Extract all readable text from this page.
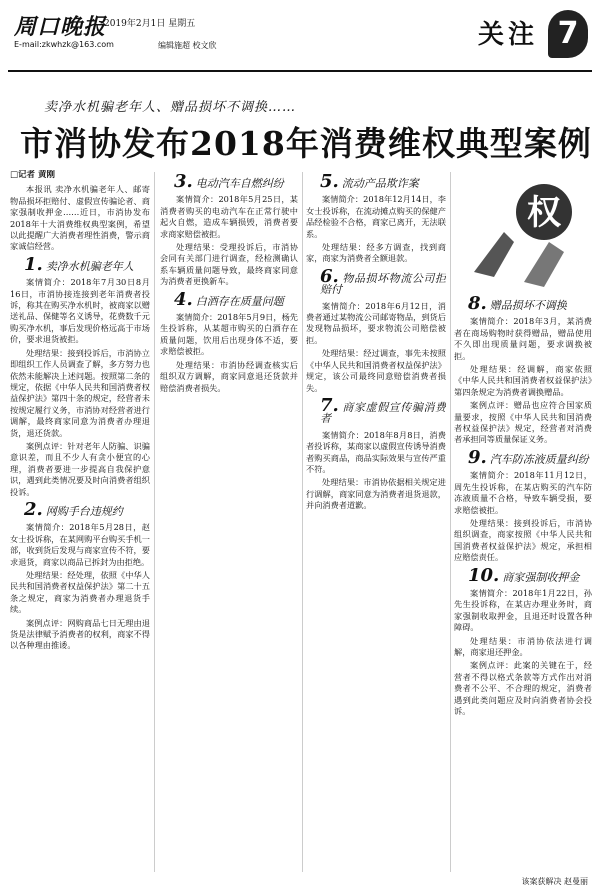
周口晚报
2019年2月1日 星期五
E-mail:zkwhzk@163.com	编辑施超 校文欣	关注 7
卖净水机骗老年人、赠品损坏不调换……
市消协发布2018年消费维权典型案例

□记者 黄刚

本报讯 卖净水机骗老年人、邮寄物品损坏拒赔付、虚假宣传骗论者、商家强制收押金……近日，市消协发布2018年十大消费维权典型案例，希望以此提醒广大消费者理性消费，警示商家诚信经营。

1. 卖净水机骗老年人

案情简介：2018年7月30日8月16日，市消协接连接到老年消费者投诉，称其在购买净水机时，被商家以赠送礼品、保健等名义诱导，花费数千元购买净水机，事后发现价格远高于市场价，要求退货被拒。

处理结果：接到投诉后，市消协立即组织工作人员调查了解，多方努力也依然未能解决上述问题。按照第二条的规定，依据《中华人民共和国消费者权益保护法》第四十条的规定，经营者未按规定履行义务，市消协对经营者进行调解，最终商家同意为消费者办理退货，退还货款。

案例点评：针对老年人防骗、识骗意识差，而且不少人有贪小便宜的心理，消费者要进一步提高自我保护意识，遇到此类情况要及时向消费者组织投诉。

2. 网购手台违规约

案情简介：2018年5月28日，赵女士投诉称，在某网购平台购买手机一部，收到货后发现与商家宣传不符，要求退货，商家以商品已拆封为由拒绝。

处理结果：经处理，依照《中华人民共和国消费者权益保护法》第二十五条之规定，商家为消费者办理退货手续。

案例点评：网购商品七日无理由退货是法律赋予消费者的权利，商家不得以各种理由推诿。

3. 电动汽车自燃纠纷

案情简介：2018年5月25日，某消费者购买的电动汽车在正常行驶中起火自燃，造成车辆损毁，消费者要求商家赔偿被拒。

处理结果：受理投诉后，市消协会同有关部门进行调查，经检测确认系车辆质量问题导致，最终商家同意为消费者更换新车。

4. 白酒存在质量问题

案情简介：2018年5月9日，杨先生投诉称，从某超市购买的白酒存在质量问题，饮用后出现身体不适，要求赔偿被拒。

处理结果：市消协经调查核实后组织双方调解，商家同意退还货款并赔偿消费者损失。

5. 流动产品欺诈案

案情简介：2018年12月14日，李女士投诉称，在流动摊点购买的保健产品经检验不合格，商家已离开，无法联系。

处理结果：经多方调查，找到商家，商家为消费者全额退款。

6. 物品损坏物流公司拒赔付

案情简介：2018年6月12日，消费者通过某物流公司邮寄物品，到货后发现物品损坏，要求物流公司赔偿被拒。

处理结果：经过调查，事先未按照《中华人民共和国消费者权益保护法》规定，该公司最终同意赔偿消费者损失。

7. 商家虚假宣传骗消费者

案情简介：2018年8月8日，消费者投诉称，某商家以虚假宣传诱导消费者购买商品，商品实际效果与宣传严重不符。

处理结果：市消协依据相关规定进行调解，商家同意为消费者退货退款，并向消费者道歉。

权
8. 赠品损坏不调换

案情简介：2018年3月，某消费者在商场购物时获得赠品，赠品使用不久即出现质量问题，要求调换被拒。

处理结果：经调解，商家依照《中华人民共和国消费者权益保护法》第四条规定为消费者调换赠品。

案例点评：赠品也应符合国家质量要求，按照《中华人民共和国消费者权益保护法》规定，经营者对消费者承担同等质量保证义务。

9. 汽车防冻液质量纠纷

案情简介：2018年11月12日，周先生投诉称，在某店购买的汽车防冻液质量不合格，导致车辆受损，要求赔偿被拒。

处理结果：接到投诉后，市消协组织调查，商家按照《中华人民共和国消费者权益保护法》规定，承担相应赔偿责任。

10. 商家强制收押金

案情简介：2018年1月22日，孙先生投诉称，在某店办理业务时，商家强制收取押金，且退还时设置各种障碍。

处理结果：市消协依法进行调解，商家退还押金。

案例点评：此案的关键在于，经营者不得以格式条款等方式作出对消费者不公平、不合理的规定，消费者遇到此类问题应及时向消费者协会投诉。

该案获解决 赵曼丽
